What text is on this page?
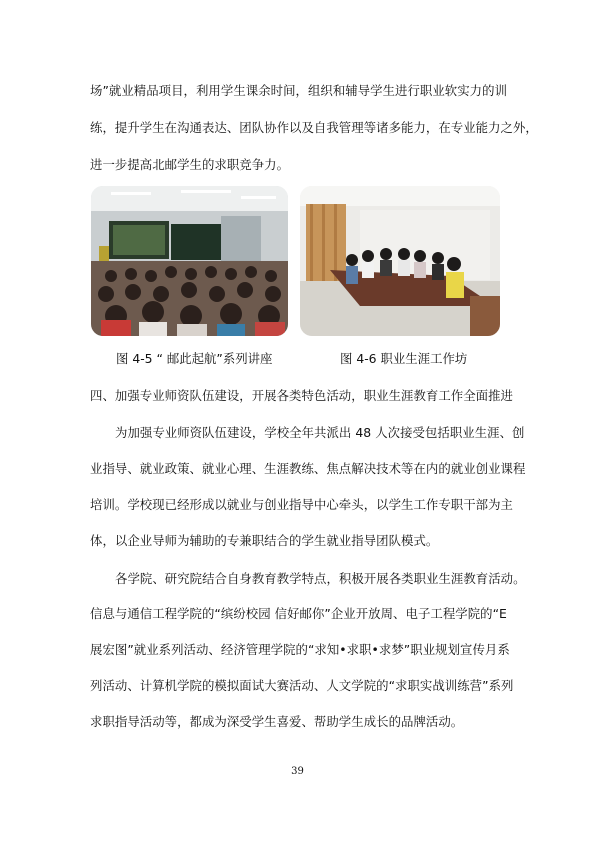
场”就业精品项目，利用学生课余时间，组织和辅导学生进行职业软实力的训
练，提升学生在沟通表达、团队协作以及自我管理等诸多能力，在专业能力之外，
进一步提高北邮学生的求职竞争力。
图 4-5 “ 邮此起航”系列讲座	图 4-6 职业生涯工作坊
四、加强专业师资队伍建设，开展各类特色活动，职业生涯教育工作全面推进
为加强专业师资队伍建设，学校全年共派出 48 人次接受包括职业生涯、创
业指导、就业政策、就业心理、生涯教练、焦点解决技术等在内的就业创业课程
培训。学校现已经形成以就业与创业指导中心牵头，以学生工作专职干部为主
体，以企业导师为辅助的专兼职结合的学生就业指导团队模式。
各学院、研究院结合自身教育教学特点，积极开展各类职业生涯教育活动。
信息与通信工程学院的“缤纷校园 信好邮你”企业开放周、电子工程学院的“E
展宏图”就业系列活动、经济管理学院的“求知•求职•求梦”职业规划宣传月系
列活动、计算机学院的模拟面试大赛活动、人文学院的“求职实战训练营”系列
求职指导活动等，都成为深受学生喜爱、帮助学生成长的品牌活动。
39
